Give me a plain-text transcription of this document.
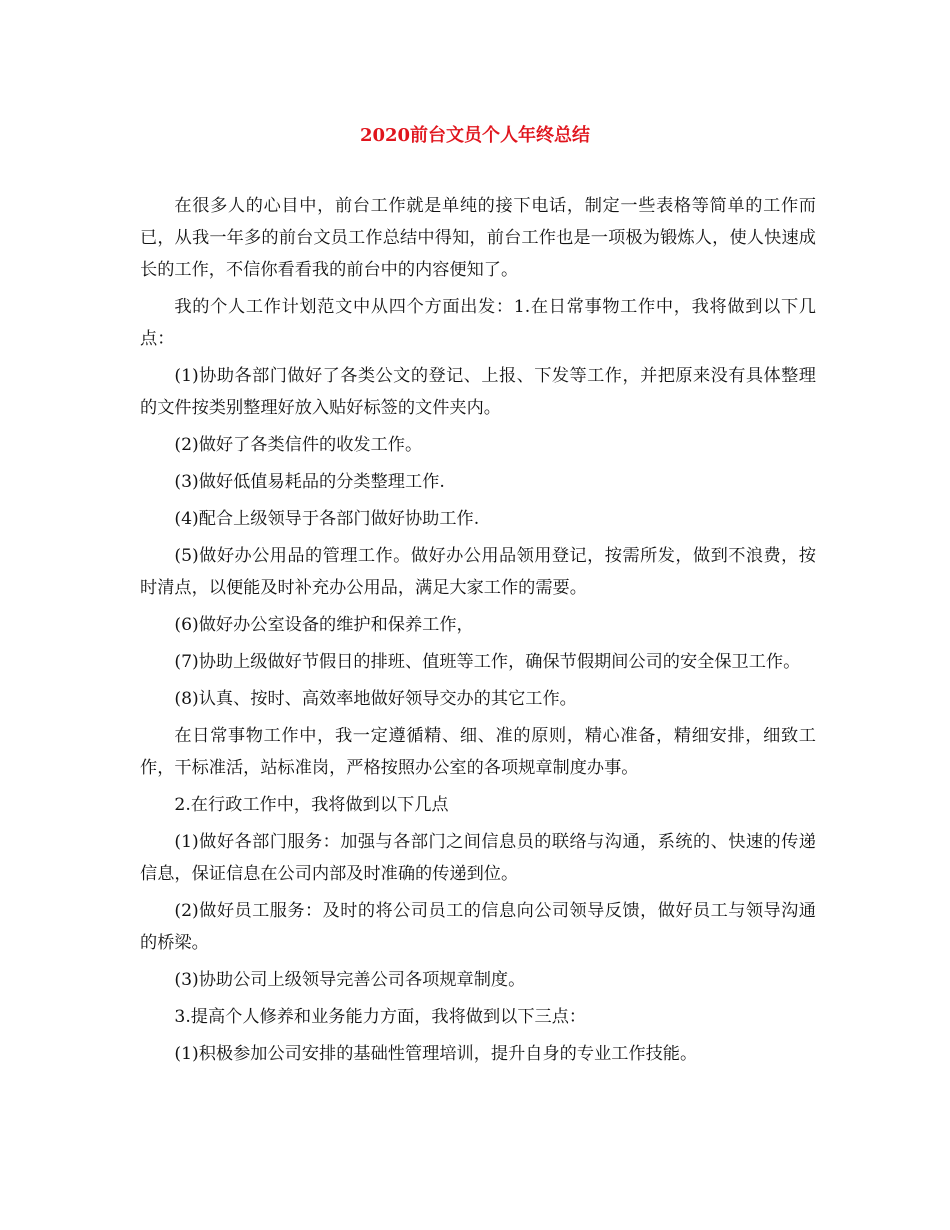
2020前台文员个人年终总结

在很多人的心目中，前台工作就是单纯的接下电话，制定一些表格等简单的工作而已，从我一年多的前台文员工作总结中得知，前台工作也是一项极为锻炼人，使人快速成长的工作，不信你看看我的前台中的内容便知了。

我的个人工作计划范文中从四个方面出发：1.在日常事物工作中，我将做到以下几点：

(1)协助各部门做好了各类公文的登记、上报、下发等工作，并把原来没有具体整理的文件按类别整理好放入贴好标签的文件夹内。

(2)做好了各类信件的收发工作。

(3)做好低值易耗品的分类整理工作.

(4)配合上级领导于各部门做好协助工作.

(5)做好办公用品的管理工作。做好办公用品领用登记，按需所发，做到不浪费，按时清点，以便能及时补充办公用品，满足大家工作的需要。

(6)做好办公室设备的维护和保养工作，

(7)协助上级做好节假日的排班、值班等工作，确保节假期间公司的安全保卫工作。

(8)认真、按时、高效率地做好领导交办的其它工作。

在日常事物工作中，我一定遵循精、细、准的原则，精心准备，精细安排，细致工作，干标准活，站标准岗，严格按照办公室的各项规章制度办事。

2.在行政工作中，我将做到以下几点

(1)做好各部门服务：加强与各部门之间信息员的联络与沟通，系统的、快速的传递信息，保证信息在公司内部及时准确的传递到位。

(2)做好员工服务：及时的将公司员工的信息向公司领导反馈，做好员工与领导沟通的桥梁。

(3)协助公司上级领导完善公司各项规章制度。

3.提高个人修养和业务能力方面，我将做到以下三点：

(1)积极参加公司安排的基础性管理培训，提升自身的专业工作技能。
